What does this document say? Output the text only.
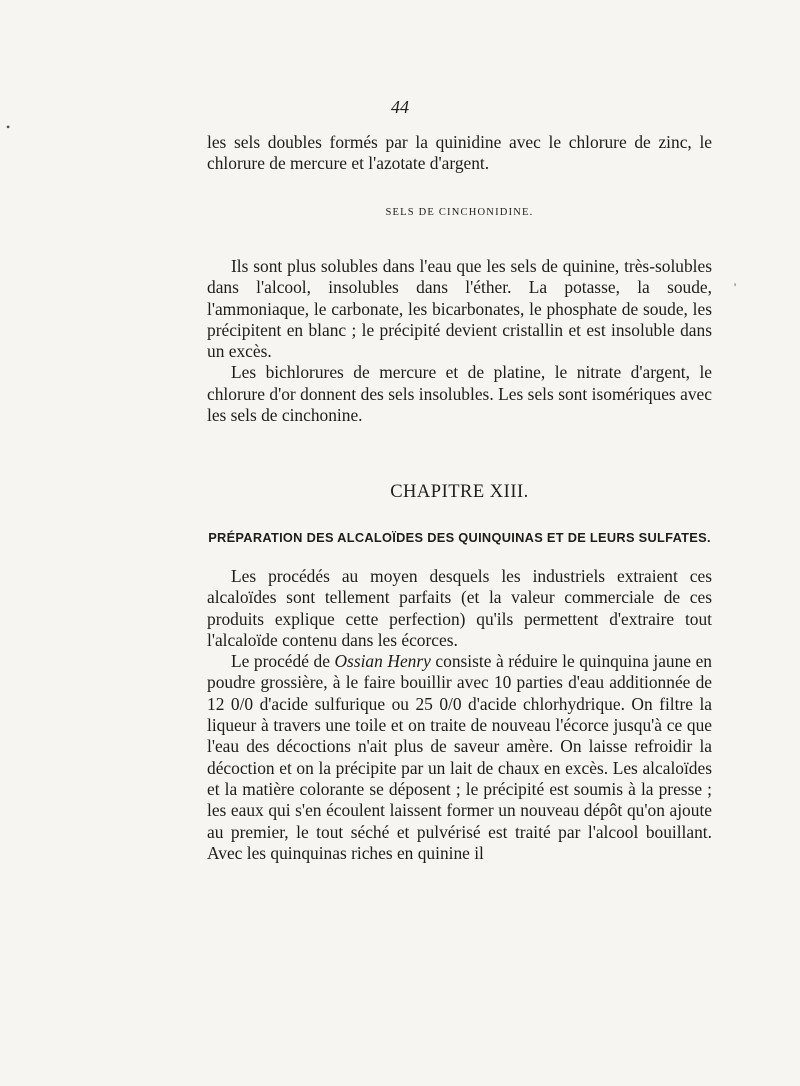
•
'
44

les sels doubles formés par la quinidine avec le chlorure de zinc, le chlorure de mercure et l'azotate d'argent.

SELS DE CINCHONIDINE.

Ils sont plus solubles dans l'eau que les sels de quinine, très-solubles dans l'alcool, insolubles dans l'éther. La potasse, la soude, l'ammoniaque, le carbonate, les bicarbonates, le phosphate de soude, les précipitent en blanc ; le précipité devient cristallin et est insoluble dans un excès.

Les bichlorures de mercure et de platine, le nitrate d'argent, le chlorure d'or donnent des sels insolubles. Les sels sont isomériques avec les sels de cinchonine.

CHAPITRE XIII.
PRÉPARATION DES ALCALOÏDES DES QUINQUINAS ET DE LEURS SULFATES.

Les procédés au moyen desquels les industriels extraient ces alcaloïdes sont tellement parfaits (et la valeur commerciale de ces produits explique cette perfection) qu'ils permettent d'extraire tout l'alcaloïde contenu dans les écorces.

Le procédé de Ossian Henry consiste à réduire le quinquina jaune en poudre grossière, à le faire bouillir avec 10 parties d'eau additionnée de 12 0/0 d'acide sulfurique ou 25 0/0 d'acide chlorhydrique. On filtre la liqueur à travers une toile et on traite de nouveau l'écorce jusqu'à ce que l'eau des décoctions n'ait plus de saveur amère. On laisse refroidir la décoction et on la précipite par un lait de chaux en excès. Les alcaloïdes et la matière colorante se déposent ; le précipité est soumis à la presse ; les eaux qui s'en écoulent laissent former un nouveau dépôt qu'on ajoute au premier, le tout séché et pulvérisé est traité par l'alcool bouillant. Avec les quinquinas riches en quinine il
